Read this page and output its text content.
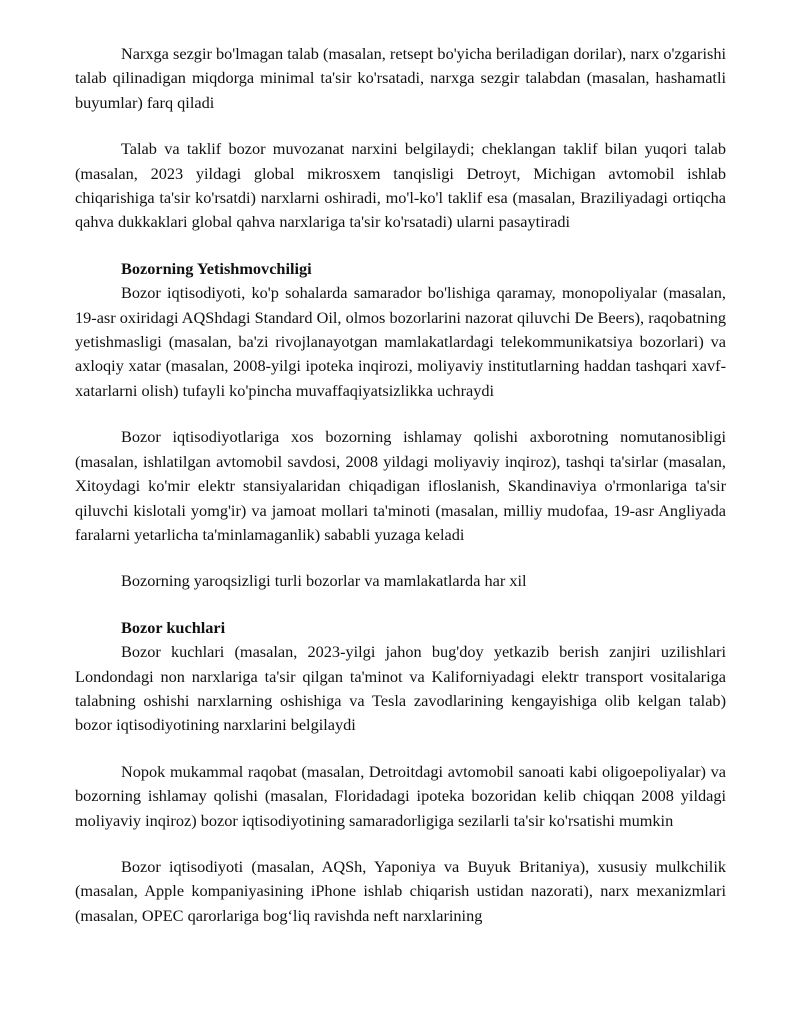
Narxga sezgir bo'lmagan talab (masalan, retsept bo'yicha beriladigan dorilar), narx o'zgarishi talab qilinadigan miqdorga minimal ta'sir ko'rsatadi, narxga sezgir talabdan (masalan, hashamatli buyumlar) farq qiladi

Talab va taklif bozor muvozanat narxini belgilaydi; cheklangan taklif bilan yuqori talab (masalan, 2023 yildagi global mikrosxem tanqisligi Detroyt, Michigan avtomobil ishlab chiqarishiga ta'sir ko'rsatdi) narxlarni oshiradi, mo'l-ko'l taklif esa (masalan, Braziliyadagi ortiqcha qahva dukkaklari global qahva narxlariga ta'sir ko'rsatadi) ularni pasaytiradi

Bozorning Yetishmovchiligi

Bozor iqtisodiyoti, ko'p sohalarda samarador bo'lishiga qaramay, monopoliyalar (masalan, 19-asr oxiridagi AQShdagi Standard Oil, olmos bozorlarini nazorat qiluvchi De Beers), raqobatning yetishmasligi (masalan, ba'zi rivojlanayotgan mamlakatlardagi telekommunikatsiya bozorlari) va axloqiy xatar (masalan, 2008-yilgi ipoteka inqirozi, moliyaviy institutlarning haddan tashqari xavf-xatarlarni olish) tufayli ko'pincha muvaffaqiyatsizlikka uchraydi

Bozor iqtisodiyotlariga xos bozorning ishlamay qolishi axborotning nomutanosibligi (masalan, ishlatilgan avtomobil savdosi, 2008 yildagi moliyaviy inqiroz), tashqi ta'sirlar (masalan, Xitoydagi ko'mir elektr stansiyalaridan chiqadigan ifloslanish, Skandinaviya o'rmonlariga ta'sir qiluvchi kislotali yomg'ir) va jamoat mollari ta'minoti (masalan, milliy mudofaa, 19-asr Angliyada faralarni yetarlicha ta'minlamaganlik) sababli yuzaga keladi

Bozorning yaroqsizligi turli bozorlar va mamlakatlarda har xil

Bozor kuchlari

Bozor kuchlari (masalan, 2023-yilgi jahon bug'doy yetkazib berish zanjiri uzilishlari Londondagi non narxlariga ta'sir qilgan ta'minot va Kaliforniyadagi elektr transport vositalariga talabning oshishi narxlarning oshishiga va Tesla zavodlarining kengayishiga olib kelgan talab) bozor iqtisodiyotining narxlarini belgilaydi

Nopok mukammal raqobat (masalan, Detroitdagi avtomobil sanoati kabi oligoepoliyalar) va bozorning ishlamay qolishi (masalan, Floridadagi ipoteka bozoridan kelib chiqqan 2008 yildagi moliyaviy inqiroz) bozor iqtisodiyotining samaradorligiga sezilarli ta'sir ko'rsatishi mumkin

Bozor iqtisodiyoti (masalan, AQSh, Yaponiya va Buyuk Britaniya), xususiy mulkchilik (masalan, Apple kompaniyasining iPhone ishlab chiqarish ustidan nazorati), narx mexanizmlari (masalan, OPEC qarorlariga bog‘liq ravishda neft narxlarining
